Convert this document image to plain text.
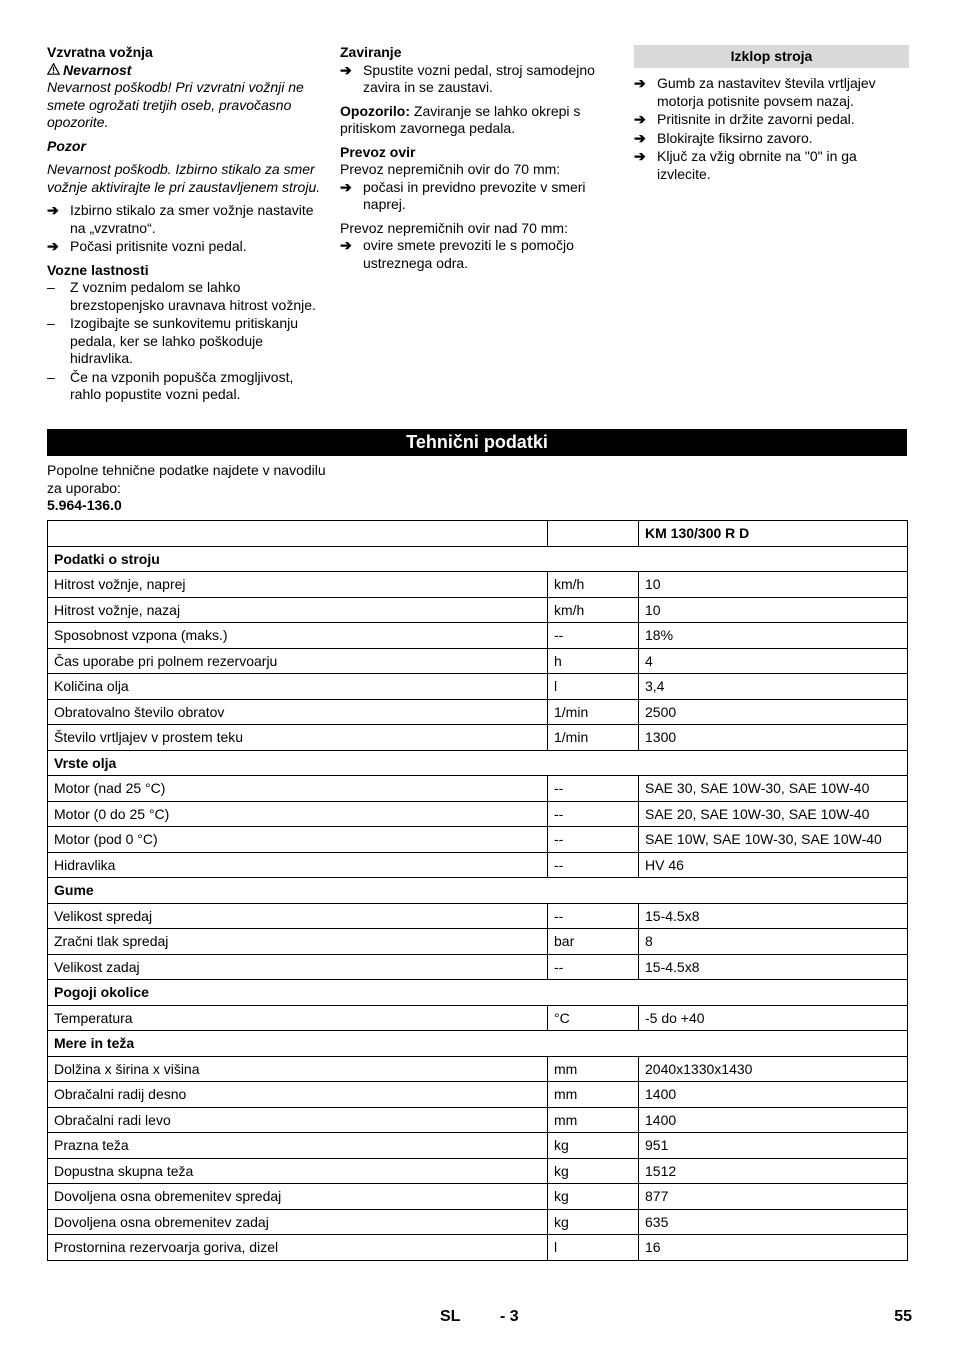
Vzvratna vožnja

Nevarnost

Nevarnost poškodb! Pri vzvratni vožnji ne smete ogrožati tretjih oseb, pravočasno opozorite.

Pozor

Nevarnost poškodb. Izbirno stikalo za smer vožnje aktivirajte le pri zaustavljenem stroju.

➔ Izbirno stikalo za smer vožnje nastavite na „vzvratno“.
➔ Počasi pritisnite vozni pedal.

Vozne lastnosti

– Z voznim pedalom se lahko brezstopenjsko uravnava hitrost vožnje.
– Izogibajte se sunkovitemu pritiskanju pedala, ker se lahko poškoduje hidravlika.
– Če na vzponih popušča zmogljivost, rahlo popustite vozni pedal.

Zaviranje

➔ Spustite vozni pedal, stroj samodejno zavira in se zaustavi.

Opozorilo: Zaviranje se lahko okrepi s pritiskom zavornega pedala.

Prevoz ovir

Prevoz nepremičnih ovir do 70 mm:

➔ počasi in previdno prevozite v smeri naprej.

Prevoz nepremičnih ovir nad 70 mm:

➔ ovire smete prevoziti le s pomočjo ustreznega odra.
Izklop stroja
➔ Gumb za nastavitev števila vrtljajev motorja potisnite povsem nazaj.
➔ Pritisnite in držite zavorni pedal.
➔ Blokirajte fiksirno zavoro.
➔ Ključ za vžig obrnite na "0" in ga izvlecite.
Tehnični podatki

Popolne tehnične podatke najdete v navodilu za uporabo:

5.964-136.0

		KM 130/300 R D
Podatki o stroju		
Hitrost vožnje, naprej	km/h	10
Hitrost vožnje, nazaj	km/h	10
Sposobnost vzpona (maks.)	--	18%
Čas uporabe pri polnem rezervoarju	h	4
Količina olja	l	3,4
Obratovalno število obratov	1/min	2500
Število vrtljajev v prostem teku	1/min	1300
Vrste olja		
Motor (nad 25 °C)	--	SAE 30, SAE 10W-30, SAE 10W-40
Motor (0 do 25 °C)	--	SAE 20, SAE 10W-30, SAE 10W-40
Motor (pod 0 °C)	--	SAE 10W, SAE 10W-30, SAE 10W-40
Hidravlika	--	HV 46
Gume		
Velikost spredaj	--	15-4.5x8
Zračni tlak spredaj	bar	8
Velikost zadaj	--	15-4.5x8
Pogoji okolice		
Temperatura	°C	-5 do +40
Mere in teža		
Dolžina x širina x višina	mm	2040x1330x1430
Obračalni radij desno	mm	1400
Obračalni radi levo	mm	1400
Prazna teža	kg	951
Dopustna skupna teža	kg	1512
Dovoljena osna obremenitev spredaj	kg	877
Dovoljena osna obremenitev zadaj	kg	635
Prostornina rezervoarja goriva, dizel	l	16
SL - 3	55
